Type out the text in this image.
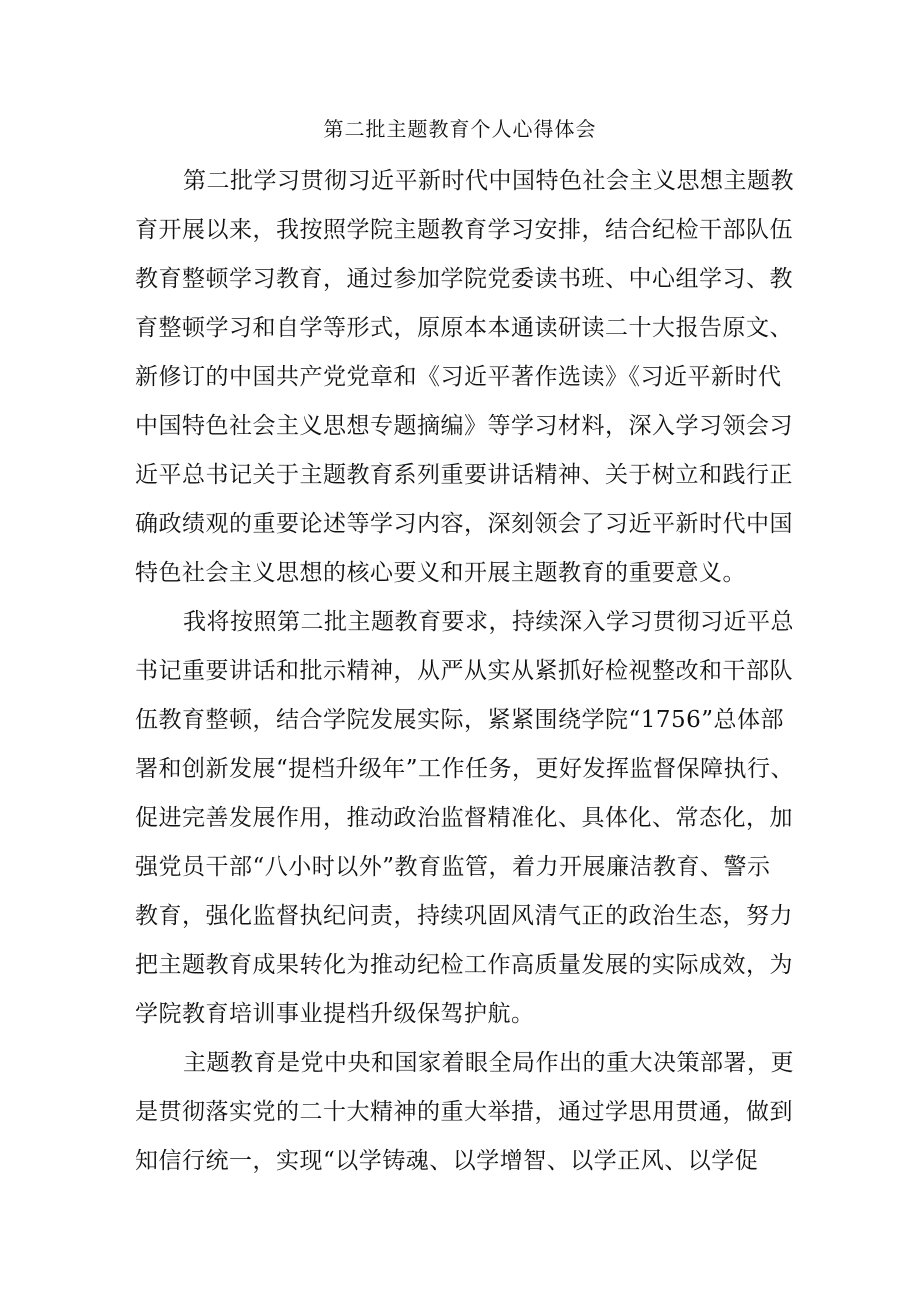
第二批主题教育个人心得体会
第二批学习贯彻习近平新时代中国特色社会主义思想主题教
育开展以来，我按照学院主题教育学习安排，结合纪检干部队伍
教育整顿学习教育，通过参加学院党委读书班、中心组学习、教
育整顿学习和自学等形式，原原本本通读研读二十大报告原文、
新修订的中国共产党党章和《习近平著作选读》《习近平新时代
中国特色社会主义思想专题摘编》等学习材料，深入学习领会习
近平总书记关于主题教育系列重要讲话精神、关于树立和践行正
确政绩观的重要论述等学习内容，深刻领会了习近平新时代中国
特色社会主义思想的核心要义和开展主题教育的重要意义。
我将按照第二批主题教育要求，持续深入学习贯彻习近平总
书记重要讲话和批示精神，从严从实从紧抓好检视整改和干部队
伍教育整顿，结合学院发展实际，紧紧围绕学院“1756”总体部
署和创新发展“提档升级年”工作任务，更好发挥监督保障执行、
促进完善发展作用，推动政治监督精准化、具体化、常态化，加
强党员干部“八小时以外”教育监管，着力开展廉洁教育、警示
教育，强化监督执纪问责，持续巩固风清气正的政治生态，努力
把主题教育成果转化为推动纪检工作高质量发展的实际成效，为
学院教育培训事业提档升级保驾护航。
主题教育是党中央和国家着眼全局作出的重大决策部署，更
是贯彻落实党的二十大精神的重大举措，通过学思用贯通，做到
知信行统一，实现“以学铸魂、以学增智、以学正风、以学促
